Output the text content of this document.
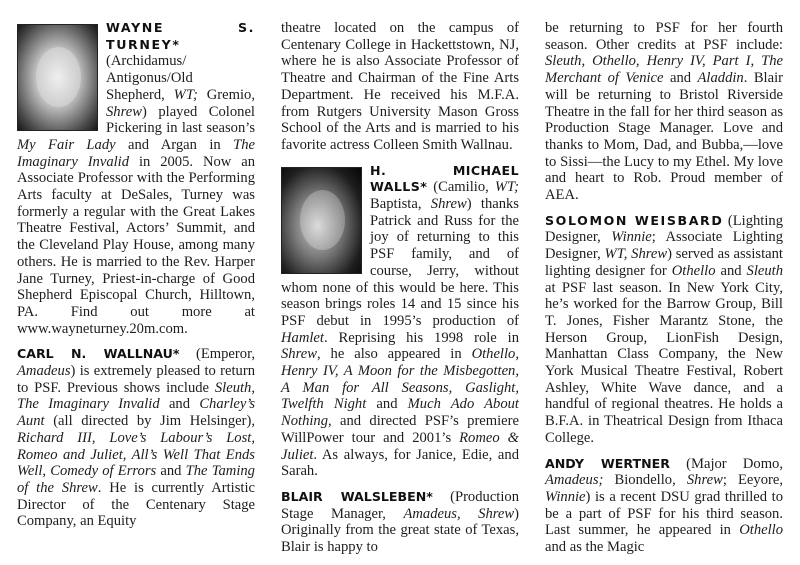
WAYNE S. TURNEY* (Archidamus/ Antigonus/Old Shepherd, WT; Gremio, Shrew) played Colonel Pickering in last season’s My Fair Lady and Argan in The Imaginary Invalid in 2005. Now an Associate Professor with the Performing Arts faculty at DeSales, Turney was formerly a regular with the Great Lakes Theatre Festival, Actors’ Summit, and the Cleveland Play House, among many others. He is married to the Rev. Harper Jane Turney, Priest-in-charge of Good Shepherd Episcopal Church, Hilltown, PA. Find out more at www.wayneturney.20m.com.

CARL N. WALLNAU* (Emperor, Amadeus) is extremely pleased to return to PSF. Previous shows include Sleuth, The Imaginary Invalid and Charley’s Aunt (all directed by Jim Helsinger), Richard III, Love’s Labour’s Lost, Romeo and Juliet, All’s Well That Ends Well, Comedy of Errors and The Taming of the Shrew. He is currently Artistic Director of the Centenary Stage Company, an Equity

theatre located on the campus of Centenary College in Hackettstown, NJ, where he is also Associate Professor of Theatre and Chairman of the Fine Arts Department. He received his M.F.A. from Rutgers University Mason Gross School of the Arts and is married to his favorite actress Colleen Smith Wallnau.

H. MICHAEL WALLS* (Camilio, WT; Baptista, Shrew) thanks Patrick and Russ for the joy of returning to this PSF family, and of course, Jerry, without whom none of this would be here. This season brings roles 14 and 15 since his PSF debut in 1995’s production of Hamlet. Reprising his 1998 role in Shrew, he also appeared in Othello, Henry IV, A Moon for the Misbegotten, A Man for All Seasons, Gaslight, Twelfth Night and Much Ado About Nothing, and directed PSF’s premiere WillPower tour and 2001’s Romeo & Juliet. As always, for Janice, Edie, and Sarah.

BLAIR WALSLEBEN* (Production Stage Manager, Amadeus, Shrew) Originally from the great state of Texas, Blair is happy to

be returning to PSF for her fourth season. Other credits at PSF include: Sleuth, Othello, Henry IV, Part I, The Merchant of Venice and Aladdin. Blair will be returning to Bristol Riverside Theatre in the fall for her third season as Production Stage Manager. Love and thanks to Mom, Dad, and Bubba,—love to Sissi—the Lucy to my Ethel. My love and heart to Rob. Proud member of AEA.

SOLOMON WEISBARD (Lighting Designer, Winnie; Associate Lighting Designer, WT, Shrew) served as assistant lighting designer for Othello and Sleuth at PSF last season. In New York City, he’s worked for the Barrow Group, Bill T. Jones, Fisher Marantz Stone, the Herson Group, LionFish Design, Manhattan Class Company, the New York Musical Theatre Festival, Robert Ashley, White Wave dance, and a handful of regional theatres. He holds a B.F.A. in Theatrical Design from Ithaca College.

ANDY WERTNER (Major Domo, Amadeus; Biondello, Shrew; Eeyore, Winnie) is a recent DSU grad thrilled to be a part of PSF for his third season. Last summer, he appeared in Othello and as the Magic
